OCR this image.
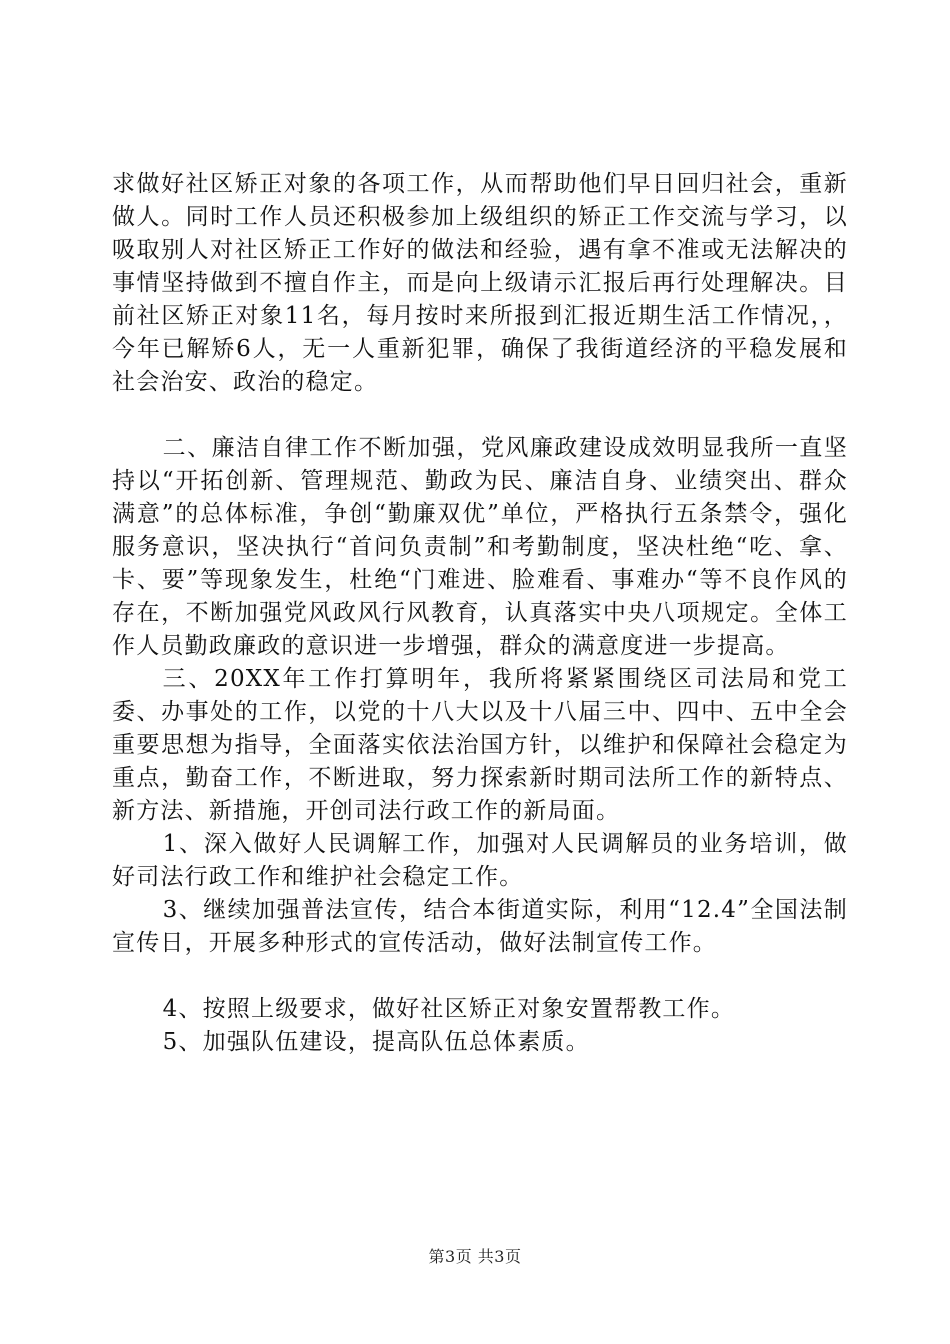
求做好社区矫正对象的各项工作，从而帮助他们早日回归社会，重新做人。同时工作人员还积极参加上级组织的矫正工作交流与学习，以吸取别人对社区矫正工作好的做法和经验，遇有拿不准或无法解决的事情坚持做到不擅自作主，而是向上级请示汇报后再行处理解决。目前社区矫正对象11名，每月按时来所报到汇报近期生活工作情况，，今年已解矫6人，无一人重新犯罪，确保了我街道经济的平稳发展和社会治安、政治的稳定。

二、廉洁自律工作不断加强，党风廉政建设成效明显我所一直坚持以“开拓创新、管理规范、勤政为民、廉洁自身、业绩突出、群众满意”的总体标准，争创“勤廉双优”单位，严格执行五条禁令，强化服务意识，坚决执行“首问负责制”和考勤制度，坚决杜绝“吃、拿、卡、要”等现象发生，杜绝“门难进、脸难看、事难办“等不良作风的存在，不断加强党风政风行风教育，认真落实中央八项规定。全体工作人员勤政廉政的意识进一步增强，群众的满意度进一步提高。

三、20XX年工作打算明年，我所将紧紧围绕区司法局和党工委、办事处的工作，以党的十八大以及十八届三中、四中、五中全会重要思想为指导，全面落实依法治国方针，以维护和保障社会稳定为重点，勤奋工作，不断进取，努力探索新时期司法所工作的新特点、新方法、新措施，开创司法行政工作的新局面。

1、深入做好人民调解工作，加强对人民调解员的业务培训，做好司法行政工作和维护社会稳定工作。

3、继续加强普法宣传，结合本街道实际，利用“12.4”全国法制宣传日，开展多种形式的宣传活动，做好法制宣传工作。

4、按照上级要求，做好社区矫正对象安置帮教工作。

5、加强队伍建设，提高队伍总体素质。

第3页 共3页
